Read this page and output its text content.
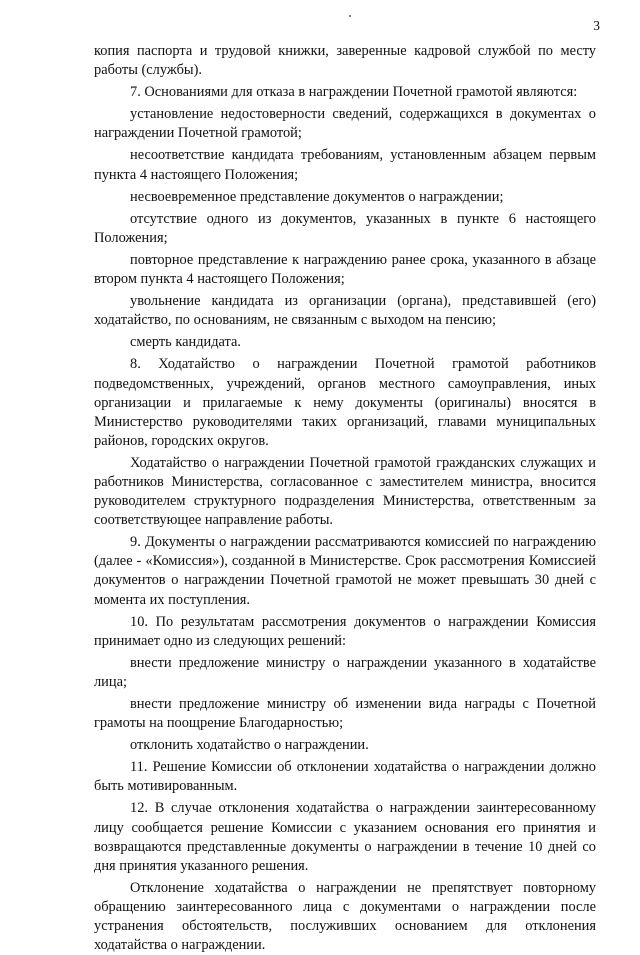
3

копия паспорта и трудовой книжки, заверенные кадровой службой по месту работы (службы).

7. Основаниями для отказа в награждении Почетной грамотой являются:

установление недостоверности сведений, содержащихся в документах о награждении Почетной грамотой;

несоответствие кандидата требованиям, установленным абзацем первым пункта 4 настоящего Положения;

несвоевременное представление документов о награждении;

отсутствие одного из документов, указанных в пункте 6 настоящего Положения;

повторное представление к награждению ранее срока, указанного в абзаце втором пункта 4 настоящего Положения;

увольнение кандидата из организации (органа), представившей (его) ходатайство, по основаниям, не связанным с выходом на пенсию;

смерть кандидата.

8. Ходатайство о награждении Почетной грамотой работников подведомственных, учреждений, органов местного самоуправления, иных организации и прилагаемые к нему документы (оригиналы) вносятся в Министерство руководителями таких организаций, главами муниципальных районов, городских округов.

Ходатайство о награждении Почетной грамотой гражданских служащих и работников Министерства, согласованное с заместителем министра, вносится руководителем структурного подразделения Министерства, ответственным за соответствующее направление работы.

9. Документы о награждении рассматриваются комиссией по награждению (далее - «Комиссия»), созданной в Министерстве. Срок рассмотрения Комиссией документов о награждении Почетной грамотой не может превышать 30 дней с момента их поступления.

10. По результатам рассмотрения документов о награждении Комиссия принимает одно из следующих решений:

внести предложение министру о награждении указанного в ходатайстве лица;

внести предложение министру об изменении вида награды с Почетной грамоты на поощрение Благодарностью;

отклонить ходатайство о награждении.

11. Решение Комиссии об отклонении ходатайства о награждении должно быть мотивированным.

12. В случае отклонения ходатайства о награждении заинтересованному лицу сообщается решение Комиссии с указанием основания его принятия и возвращаются представленные документы о награждении в течение 10 дней со дня принятия указанного решения.

Отклонение ходатайства о награждении не препятствует повторному обращению заинтересованного лица с документами о награждении после устранения обстоятельств, послуживших основанием для отклонения ходатайства о награждении.
